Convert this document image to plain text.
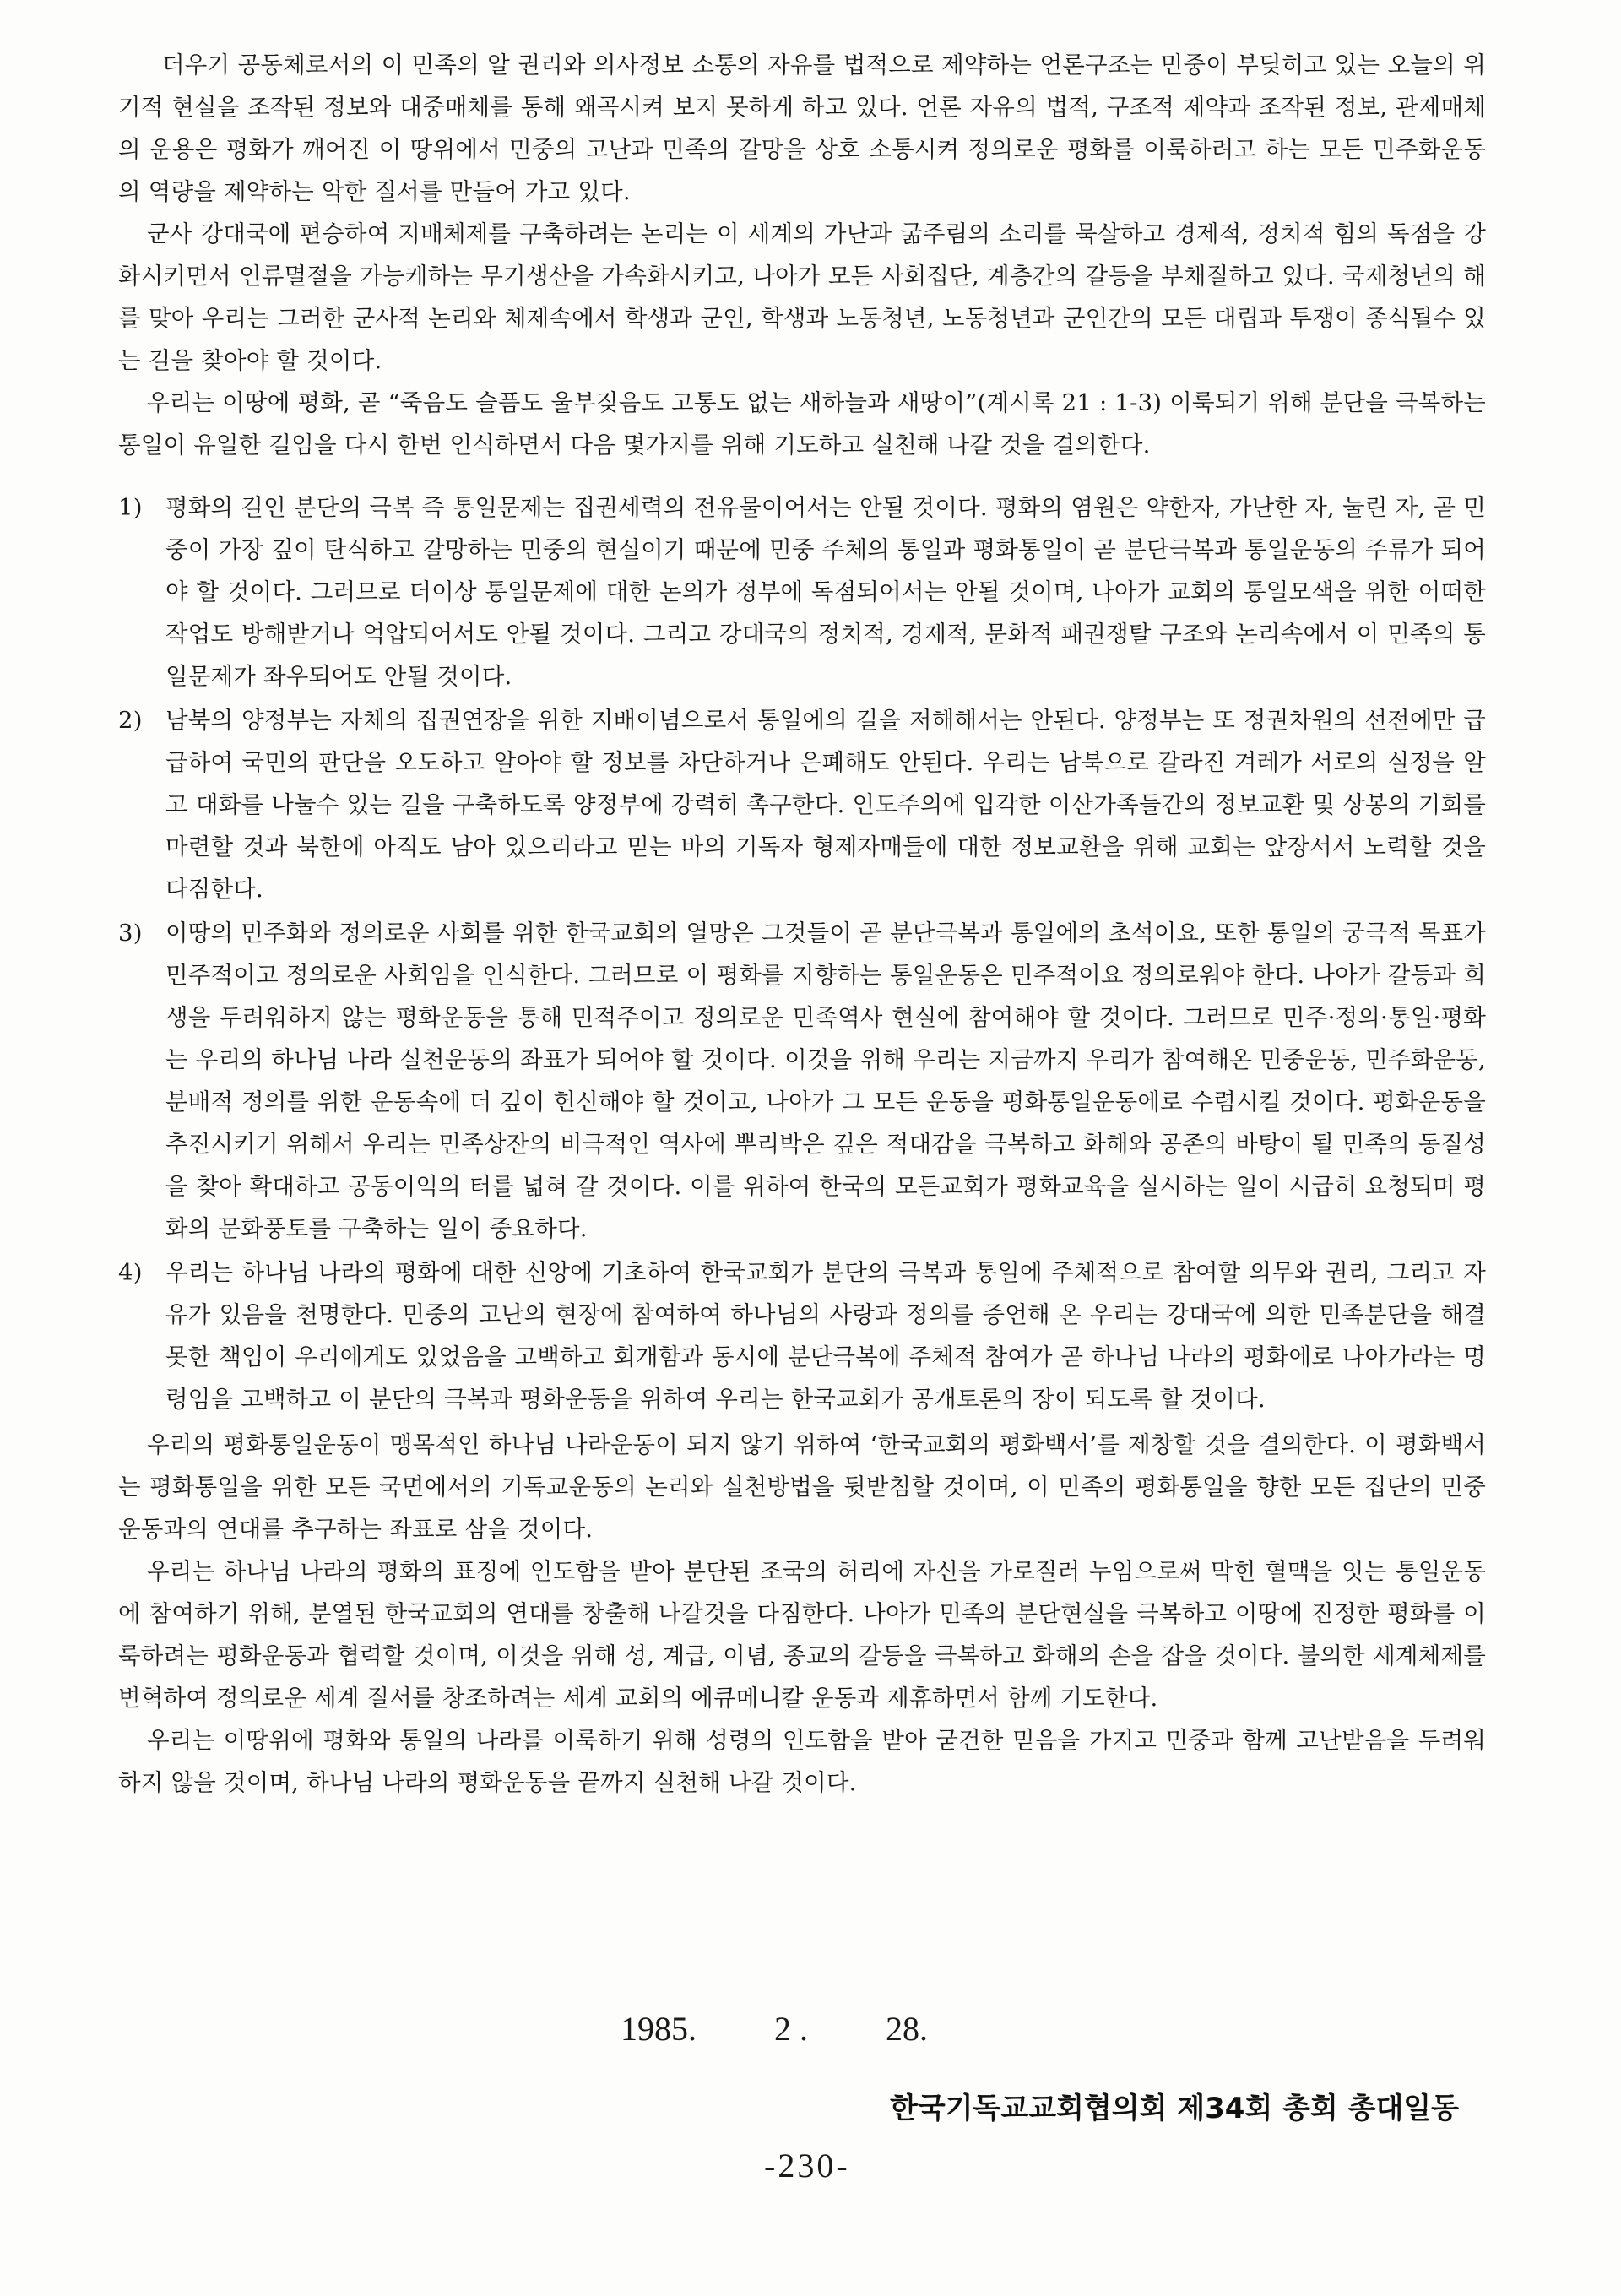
더우기 공동체로서의 이 민족의 알 권리와 의사정보 소통의 자유를 법적으로 제약하는 언론구조는 민중이 부딪히고 있는 오늘의 위기적 현실을 조작된 정보와 대중매체를 통해 왜곡시켜 보지 못하게 하고 있다. 언론 자유의 법적, 구조적 제약과 조작된 정보, 관제매체의 운용은 평화가 깨어진 이 땅위에서 민중의 고난과 민족의 갈망을 상호 소통시켜 정의로운 평화를 이룩하려고 하는 모든 민주화운동의 역량을 제약하는 악한 질서를 만들어 가고 있다.

군사 강대국에 편승하여 지배체제를 구축하려는 논리는 이 세계의 가난과 굶주림의 소리를 묵살하고 경제적, 정치적 힘의 독점을 강화시키면서 인류멸절을 가능케하는 무기생산을 가속화시키고, 나아가 모든 사회집단, 계층간의 갈등을 부채질하고 있다. 국제청년의 해를 맞아 우리는 그러한 군사적 논리와 체제속에서 학생과 군인, 학생과 노동청년, 노동청년과 군인간의 모든 대립과 투쟁이 종식될수 있는 길을 찾아야 할 것이다.

우리는 이땅에 평화, 곧 “죽음도 슬픔도 울부짖음도 고통도 없는 새하늘과 새땅이”(계시록 21 : 1-3) 이룩되기 위해 분단을 극복하는 통일이 유일한 길임을 다시 한번 인식하면서 다음 몇가지를 위해 기도하고 실천해 나갈 것을 결의한다.

1) 평화의 길인 분단의 극복 즉 통일문제는 집권세력의 전유물이어서는 안될 것이다. 평화의 염원은 약한자, 가난한 자, 눌린 자, 곧 민중이 가장 깊이 탄식하고 갈망하는 민중의 현실이기 때문에 민중 주체의 통일과 평화통일이 곧 분단극복과 통일운동의 주류가 되어야 할 것이다. 그러므로 더이상 통일문제에 대한 논의가 정부에 독점되어서는 안될 것이며, 나아가 교회의 통일모색을 위한 어떠한 작업도 방해받거나 억압되어서도 안될 것이다. 그리고 강대국의 정치적, 경제적, 문화적 패권쟁탈 구조와 논리속에서 이 민족의 통일문제가 좌우되어도 안될 것이다.
2) 남북의 양정부는 자체의 집권연장을 위한 지배이념으로서 통일에의 길을 저해해서는 안된다. 양정부는 또 정권차원의 선전에만 급급하여 국민의 판단을 오도하고 알아야 할 정보를 차단하거나 은폐해도 안된다. 우리는 남북으로 갈라진 겨레가 서로의 실정을 알고 대화를 나눌수 있는 길을 구축하도록 양정부에 강력히 촉구한다. 인도주의에 입각한 이산가족들간의 정보교환 및 상봉의 기회를 마련할 것과 북한에 아직도 남아 있으리라고 믿는 바의 기독자 형제자매들에 대한 정보교환을 위해 교회는 앞장서서 노력할 것을 다짐한다.
3) 이땅의 민주화와 정의로운 사회를 위한 한국교회의 열망은 그것들이 곧 분단극복과 통일에의 초석이요, 또한 통일의 궁극적 목표가 민주적이고 정의로운 사회임을 인식한다. 그러므로 이 평화를 지향하는 통일운동은 민주적이요 정의로워야 한다. 나아가 갈등과 희생을 두려워하지 않는 평화운동을 통해 민적주이고 정의로운 민족역사 현실에 참여해야 할 것이다. 그러므로 민주·정의·통일·평화는 우리의 하나님 나라 실천운동의 좌표가 되어야 할 것이다. 이것을 위해 우리는 지금까지 우리가 참여해온 민중운동, 민주화운동, 분배적 정의를 위한 운동속에 더 깊이 헌신해야 할 것이고, 나아가 그 모든 운동을 평화통일운동에로 수렴시킬 것이다. 평화운동을 추진시키기 위해서 우리는 민족상잔의 비극적인 역사에 뿌리박은 깊은 적대감을 극복하고 화해와 공존의 바탕이 될 민족의 동질성을 찾아 확대하고 공동이익의 터를 넓혀 갈 것이다. 이를 위하여 한국의 모든교회가 평화교육을 실시하는 일이 시급히 요청되며 평화의 문화풍토를 구축하는 일이 중요하다.
4) 우리는 하나님 나라의 평화에 대한 신앙에 기초하여 한국교회가 분단의 극복과 통일에 주체적으로 참여할 의무와 권리, 그리고 자유가 있음을 천명한다. 민중의 고난의 현장에 참여하여 하나님의 사랑과 정의를 증언해 온 우리는 강대국에 의한 민족분단을 해결못한 책임이 우리에게도 있었음을 고백하고 회개함과 동시에 분단극복에 주체적 참여가 곧 하나님 나라의 평화에로 나아가라는 명령임을 고백하고 이 분단의 극복과 평화운동을 위하여 우리는 한국교회가 공개토론의 장이 되도록 할 것이다.

우리의 평화통일운동이 맹목적인 하나님 나라운동이 되지 않기 위하여 ‘한국교회의 평화백서’를 제창할 것을 결의한다. 이 평화백서는 평화통일을 위한 모든 국면에서의 기독교운동의 논리와 실천방법을 뒷받침할 것이며, 이 민족의 평화통일을 향한 모든 집단의 민중운동과의 연대를 추구하는 좌표로 삼을 것이다.

우리는 하나님 나라의 평화의 표징에 인도함을 받아 분단된 조국의 허리에 자신을 가로질러 누임으로써 막힌 혈맥을 잇는 통일운동에 참여하기 위해, 분열된 한국교회의 연대를 창출해 나갈것을 다짐한다. 나아가 민족의 분단현실을 극복하고 이땅에 진정한 평화를 이룩하려는 평화운동과 협력할 것이며, 이것을 위해 성, 계급, 이념, 종교의 갈등을 극복하고 화해의 손을 잡을 것이다. 불의한 세계체제를 변혁하여 정의로운 세계 질서를 창조하려는 세계 교회의 에큐메니칼 운동과 제휴하면서 함께 기도한다.

우리는 이땅위에 평화와 통일의 나라를 이룩하기 위해 성령의 인도함을 받아 굳건한 믿음을 가지고 민중과 함께 고난받음을 두려워하지 않을 것이며, 하나님 나라의 평화운동을 끝까지 실천해 나갈 것이다.

1985. 2 . 28.
한국기독교교회협의회 제34회 총회 총대일동
-230-
